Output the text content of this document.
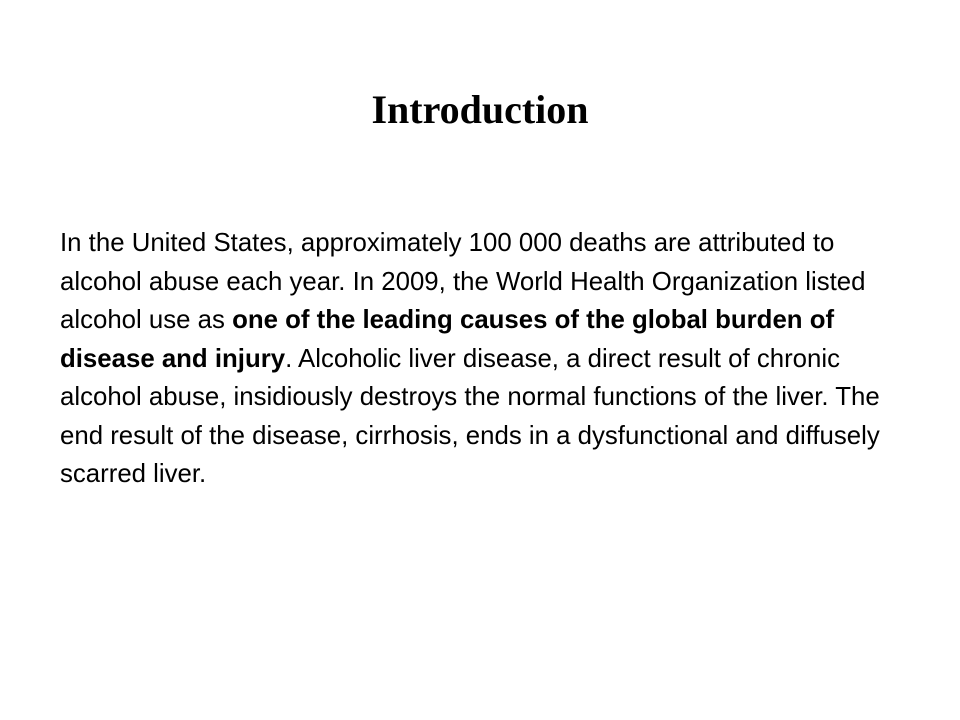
Introduction

In the United States, approximately 100 000 deaths are attributed to alcohol abuse each year. In 2009, the World Health Organization listed alcohol use as one of the leading causes of the global burden of disease and injury. Alcoholic liver disease, a direct result of chronic alcohol abuse, insidiously destroys the normal functions of the liver. The end result of the disease, cirrhosis, ends in a dysfunctional and diffusely scarred liver.
